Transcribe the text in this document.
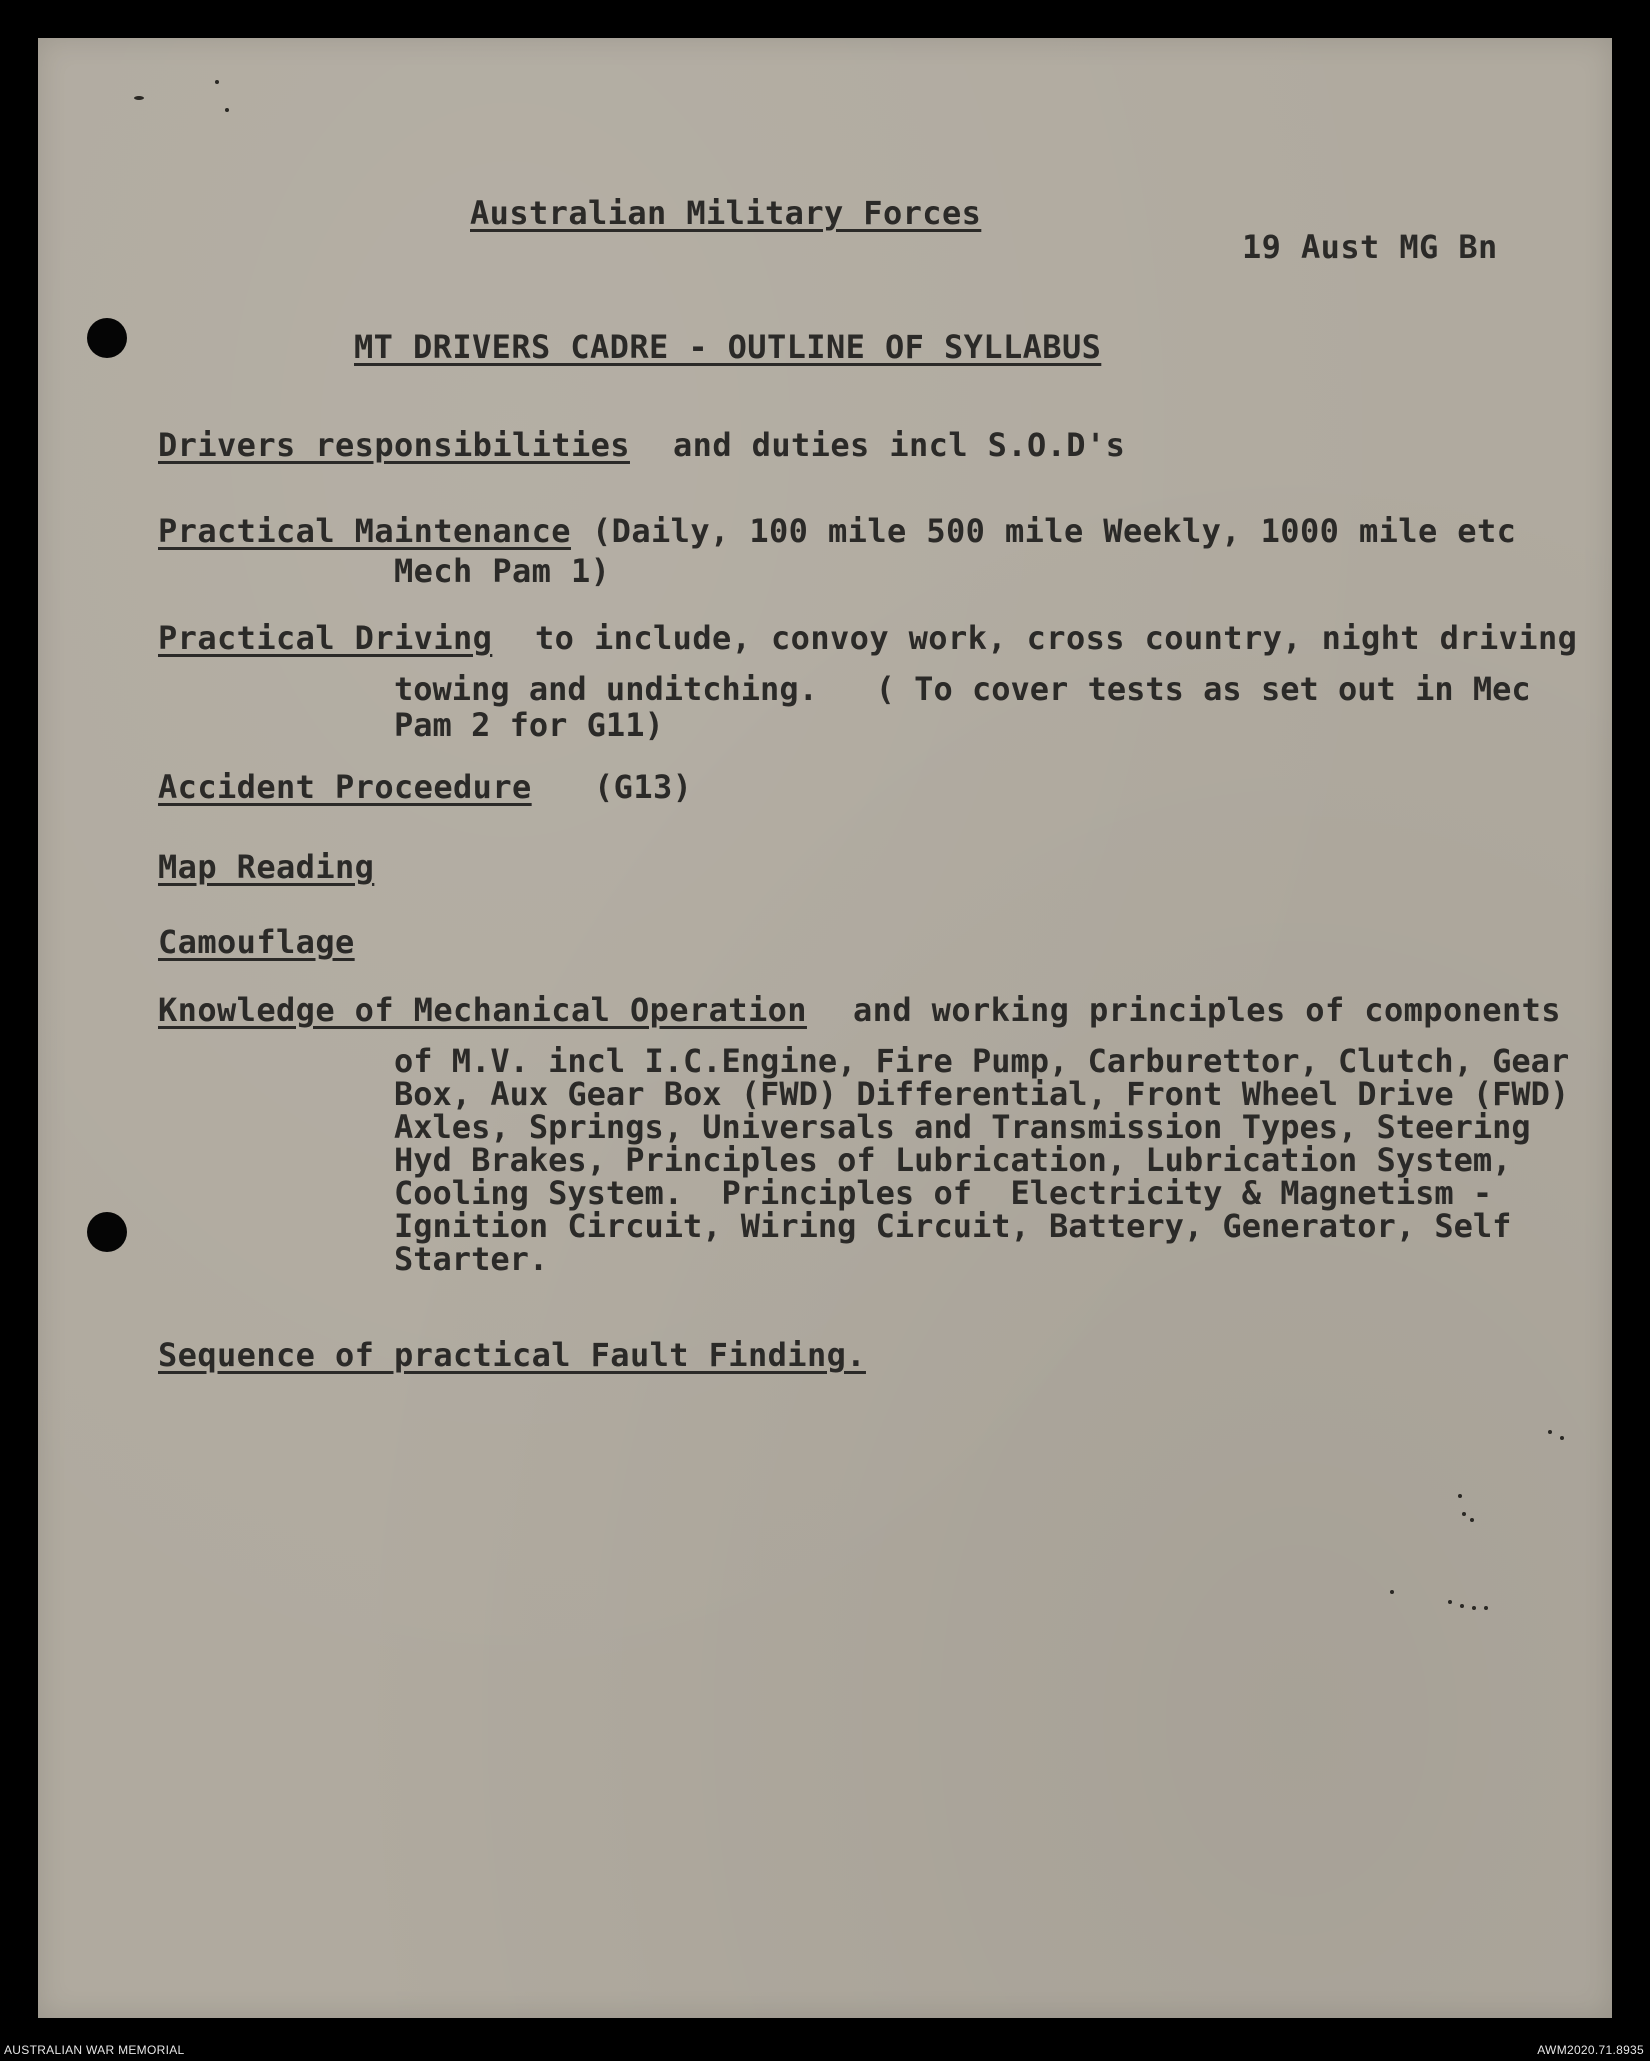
Australian Military Forces
19 Aust MG Bn
MT DRIVERS CADRE - OUTLINE OF SYLLABUS
Drivers responsibilities and duties incl S.O.D's
Practical Maintenance (Daily, 100 mile 500 mile Weekly, 1000 mile etc
Mech Pam 1)
Practical Driving to include, convoy work, cross country, night driving
towing and unditching.   ( To cover tests as set out in Mec
Pam 2 for G11)
Accident Proceedure (G13)
Map Reading
Camouflage
Knowledge of Mechanical Operation and working principles of components
of M.V. incl I.C.Engine, Fire Pump, Carburettor, Clutch, Gear
Box, Aux Gear Box (FWD) Differential, Front Wheel Drive (FWD)
Axles, Springs, Universals and Transmission Types, Steering
Hyd Brakes, Principles of Lubrication, Lubrication System,
Cooling System.  Principles of  Electricity & Magnetism -
Ignition Circuit, Wiring Circuit, Battery, Generator, Self
Starter.
Sequence of practical Fault Finding.
AUSTRALIAN WAR MEMORIAL	AWM2020.71.8935
